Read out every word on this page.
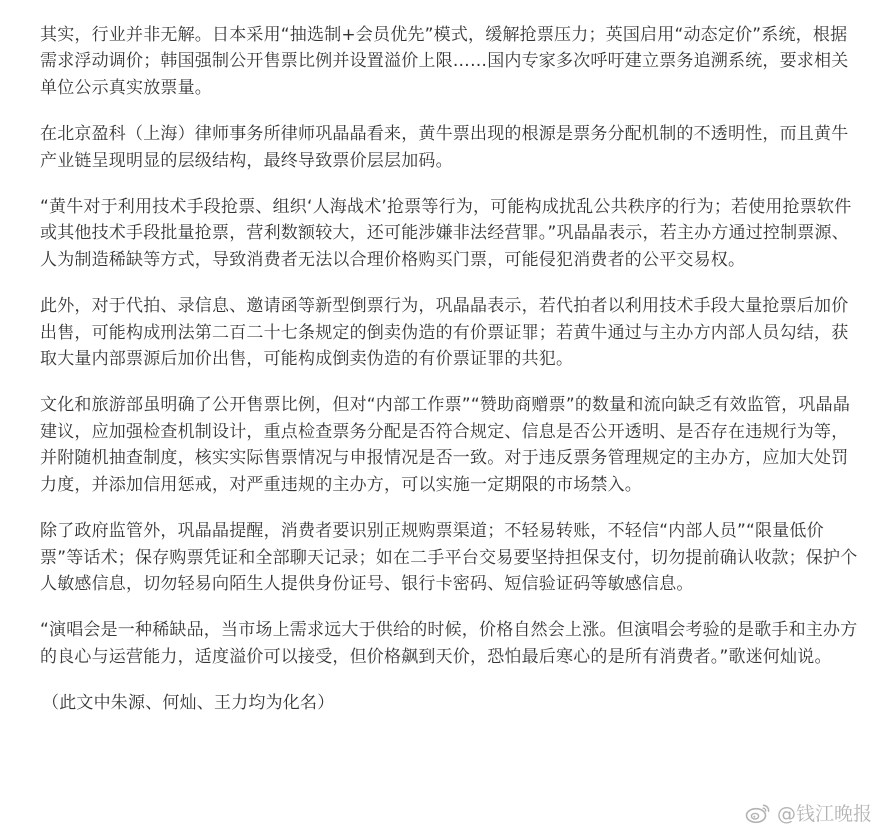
其实，行业并非无解。日本采用“抽选制+会员优先”模式，缓解抢票压力；英国启用“动态定价”系统，根据需求浮动调价；韩国强制公开售票比例并设置溢价上限……国内专家多次呼吁建立票务追溯系统，要求相关单位公示真实放票量。

在北京盈科（上海）律师事务所律师巩晶晶看来，黄牛票出现的根源是票务分配机制的不透明性，而且黄牛产业链呈现明显的层级结构，最终导致票价层层加码。

“黄牛对于利用技术手段抢票、组织‘人海战术’抢票等行为，可能构成扰乱公共秩序的行为；若使用抢票软件或其他技术手段批量抢票，营利数额较大，还可能涉嫌非法经营罪。”巩晶晶表示，若主办方通过控制票源、人为制造稀缺等方式，导致消费者无法以合理价格购买门票，可能侵犯消费者的公平交易权。

此外，对于代拍、录信息、邀请函等新型倒票行为，巩晶晶表示，若代拍者以利用技术手段大量抢票后加价出售，可能构成刑法第二百二十七条规定的倒卖伪造的有价票证罪；若黄牛通过与主办方内部人员勾结，获取大量内部票源后加价出售，可能构成倒卖伪造的有价票证罪的共犯。

文化和旅游部虽明确了公开售票比例，但对“内部工作票”“赞助商赠票”的数量和流向缺乏有效监管，巩晶晶建议，应加强检查机制设计，重点检查票务分配是否符合规定、信息是否公开透明、是否存在违规行为等，并附随机抽查制度，核实实际售票情况与申报情况是否一致。对于违反票务管理规定的主办方，应加大处罚力度，并添加信用惩戒，对严重违规的主办方，可以实施一定期限的市场禁入。

除了政府监管外，巩晶晶提醒，消费者要识别正规购票渠道；不轻易转账，不轻信“内部人员”“限量低价票”等话术；保存购票凭证和全部聊天记录；如在二手平台交易要坚持担保支付，切勿提前确认收款；保护个人敏感信息，切勿轻易向陌生人提供身份证号、银行卡密码、短信验证码等敏感信息。

“演唱会是一种稀缺品，当市场上需求远大于供给的时候，价格自然会上涨。但演唱会考验的是歌手和主办方的良心与运营能力，适度溢价可以接受，但价格飙到天价，恐怕最后寒心的是所有消费者。”歌迷何灿说。

（此文中朱源、何灿、王力均为化名）

@钱江晚报
